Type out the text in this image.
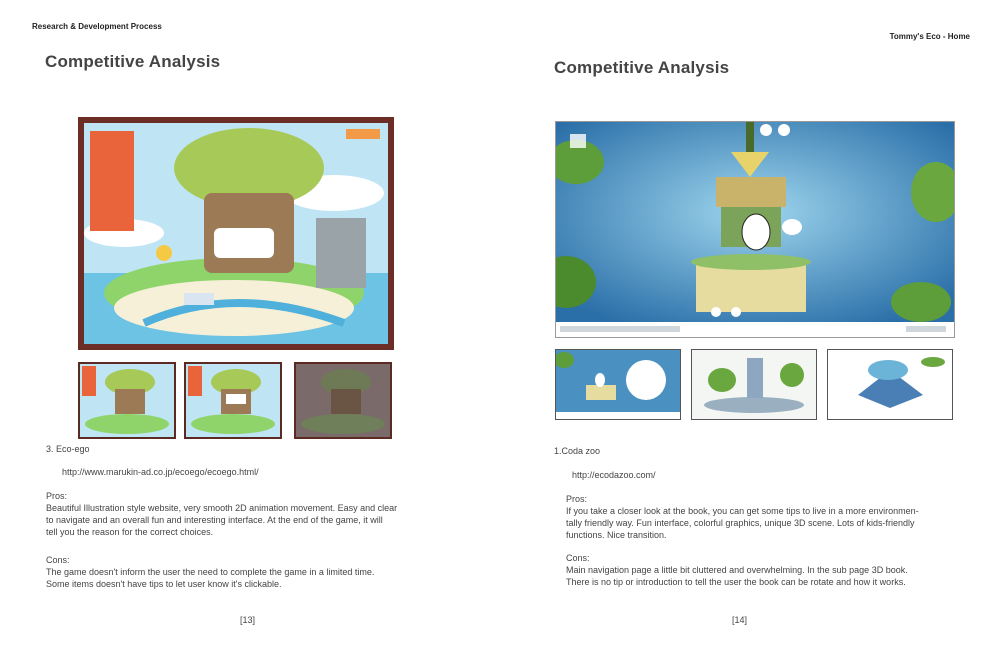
Research & Development Process
Competitive Analysis
3. Eco-ego
http://www.marukin-ad.co.jp/ecoego/ecoego.html/

Pros:

Beautiful Illustration style website, very smooth 2D animation movement. Easy and clear

to navigate and an overall fun and interesting interface. At the end of the game, it will

tell you the reason for the correct choices.

Cons:

The game doesn't inform the user the need to complete the game in a limited time.

Some items doesn't have tips to let user know it's clickable.

[13]
Tommy's Eco - Home
Competitive Analysis
1.Coda zoo
http://ecodazoo.com/

Pros:

If you take a closer look at the book, you can get some tips to live in a more environmen-

tally friendly way. Fun interface, colorful graphics, unique 3D scene. Lots of kids-friendly

functions. Nice transition.

Cons:

Main navigation page a little bit cluttered and overwhelming. In the sub page 3D book.

There is no tip or introduction to tell the user the book can be rotate and how it works.

[14]
